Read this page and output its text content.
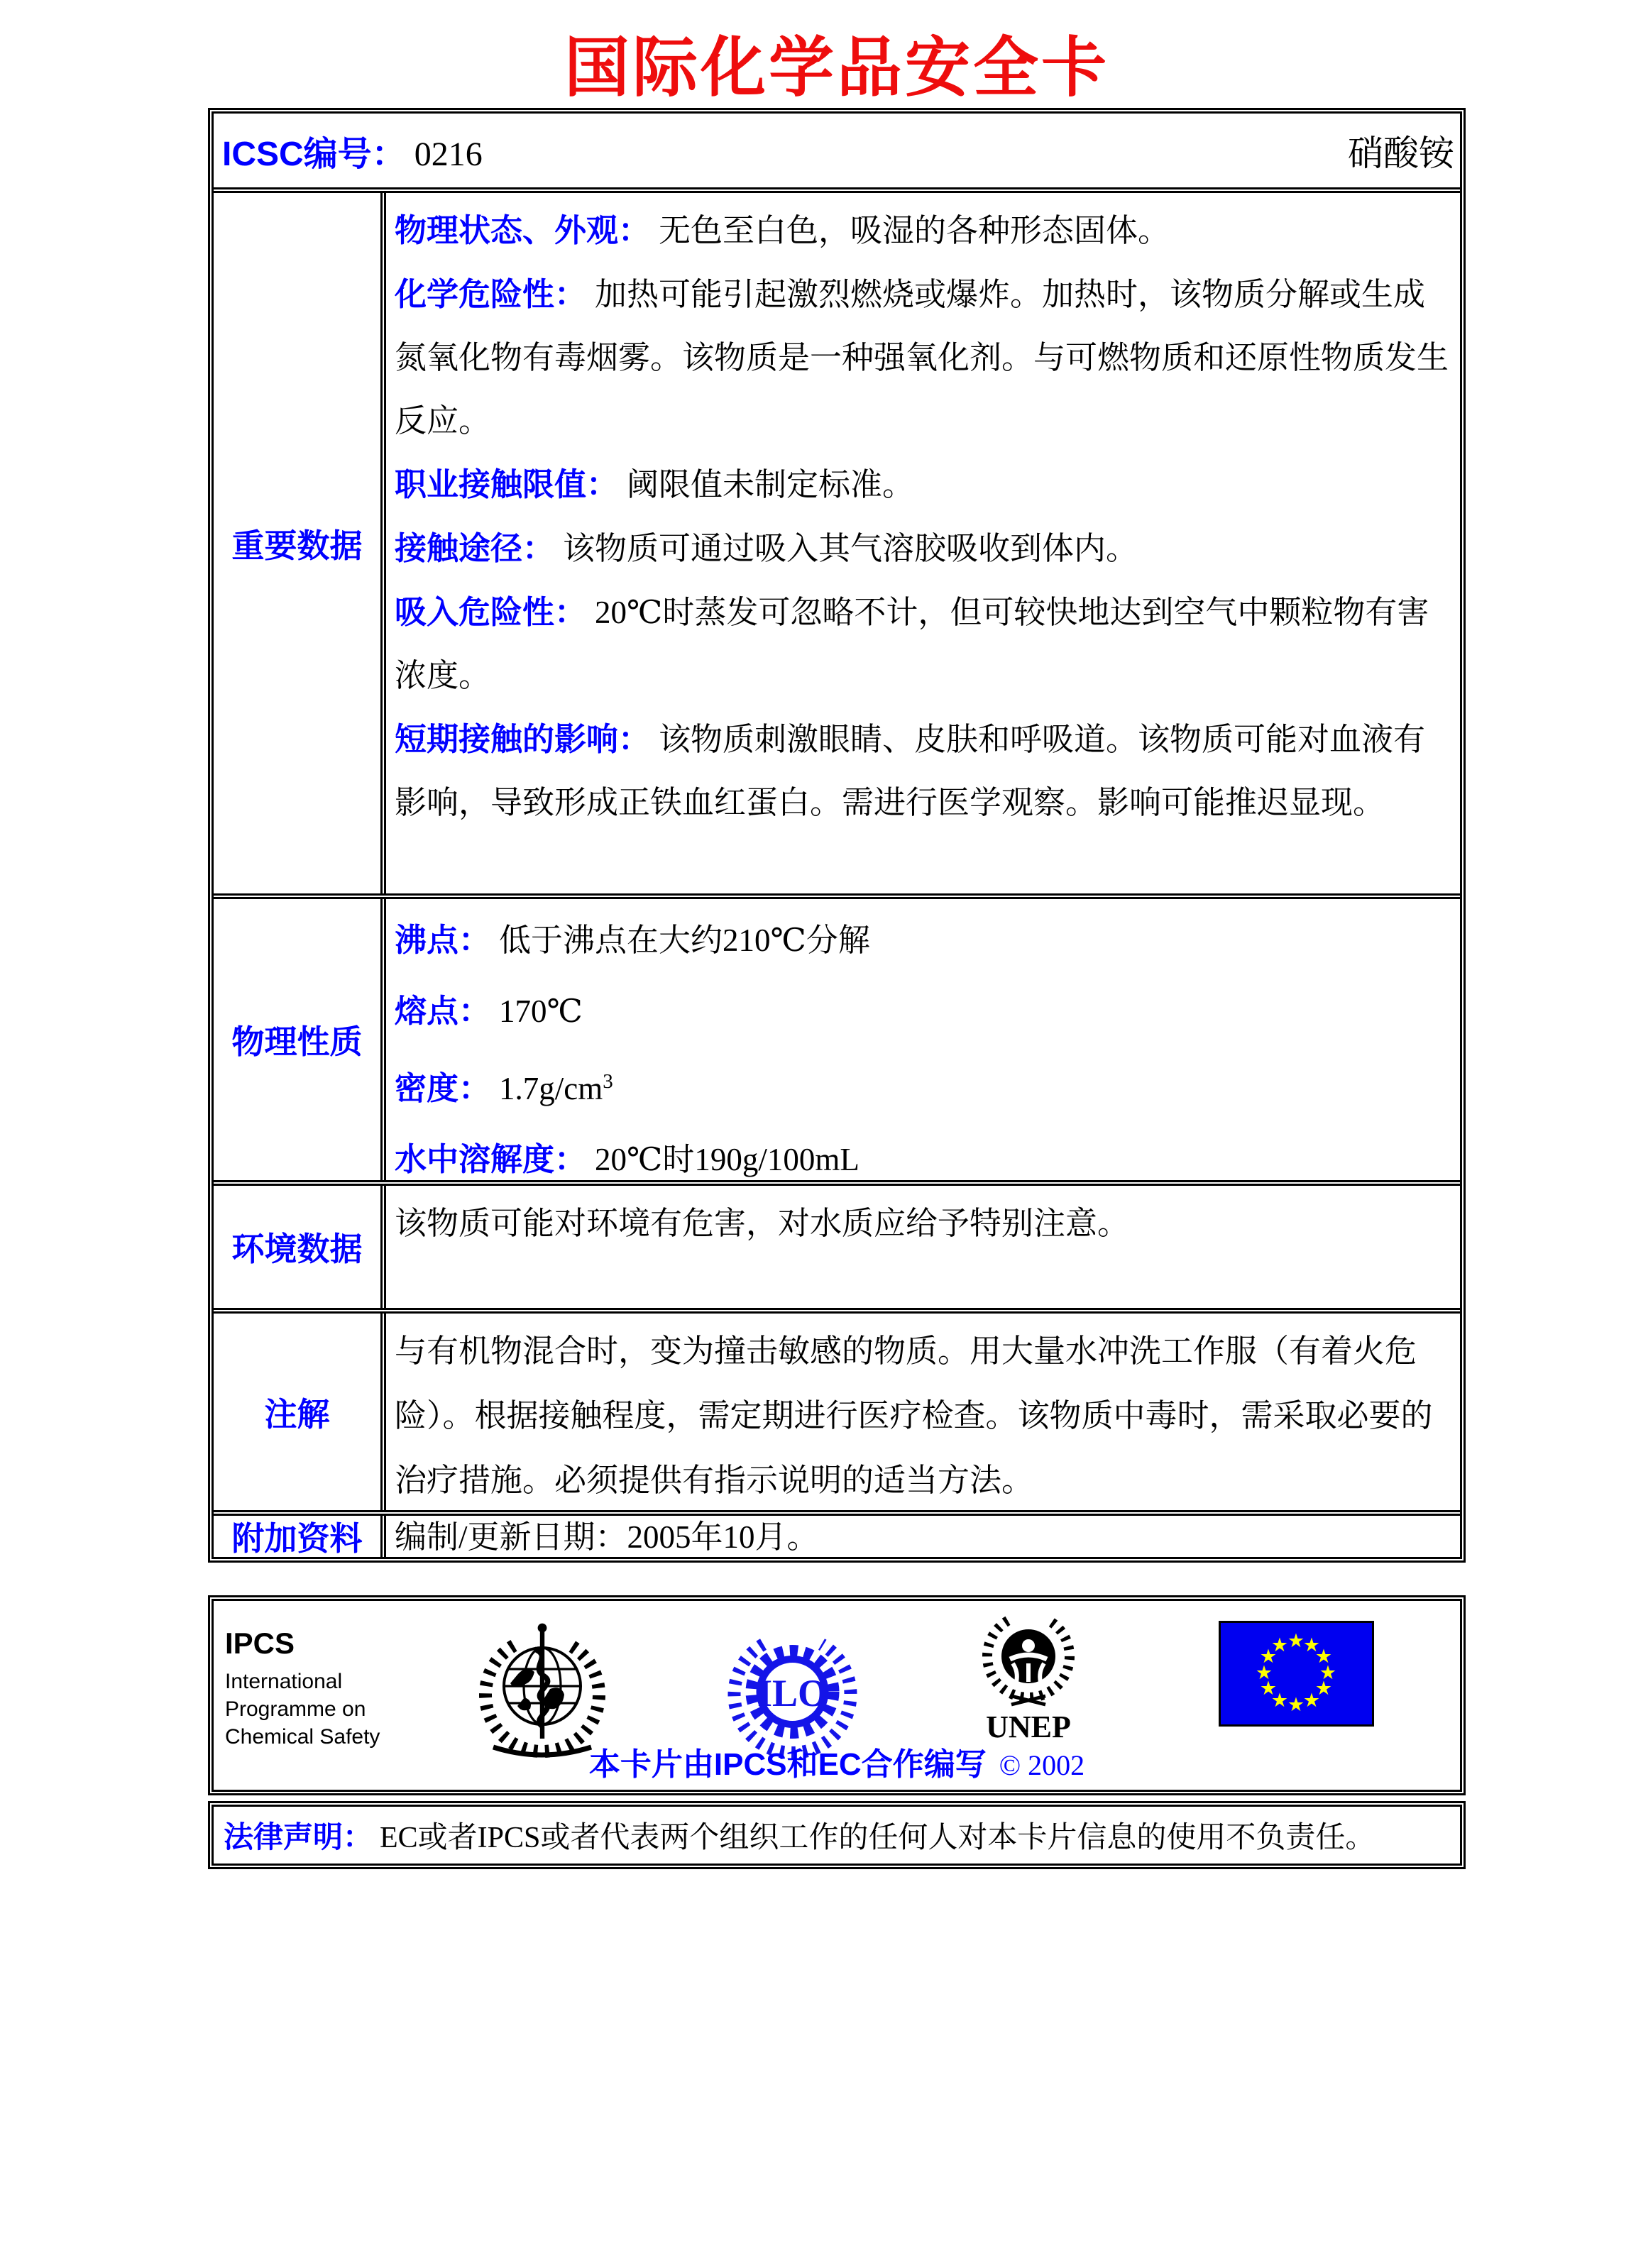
国际化学品安全卡
ICSC编号： 0216	硝酸铵
重要数据
物理状态、外观： 无色至白色，吸湿的各种形态固体。
化学危险性： 加热可能引起激烈燃烧或爆炸。加热时，该物质分解或生成氮氧化物有毒烟雾。该物质是一种强氧化剂。与可燃物质和还原性物质发生反应。
职业接触限值： 阈限值未制定标准。
接触途径： 该物质可通过吸入其气溶胶吸收到体内。
吸入危险性： 20℃时蒸发可忽略不计，但可较快地达到空气中颗粒物有害浓度。
短期接触的影响： 该物质刺激眼睛、皮肤和呼吸道。该物质可能对血液有影响，导致形成正铁血红蛋白。需进行医学观察。影响可能推迟显现。
物理性质
沸点： 低于沸点在大约210℃分解
熔点： 170℃
密度： $1.7g/cm^3$
水中溶解度： 20℃时190g/100mL
环境数据
该物质可能对环境有危害，对水质应给予特别注意。
注解
与有机物混合时，变为撞击敏感的物质。用大量水冲洗工作服（有着火危险）。根据接触程度，需定期进行医疗检查。该物质中毒时，需采取必要的治疗措施。必须提供有指示说明的适当方法。
附加资料 编制/更新日期：2005年10月。
IPCS
International
Programme on
Chemical Safety
ILO
UNEP
★
★
★
★
★
★
★
★
★
★
★
★
本卡片由IPCS和EC合作编写 © 2002
法律声明： EC或者IPCS或者代表两个组织工作的任何人对本卡片信息的使用不负责任。
